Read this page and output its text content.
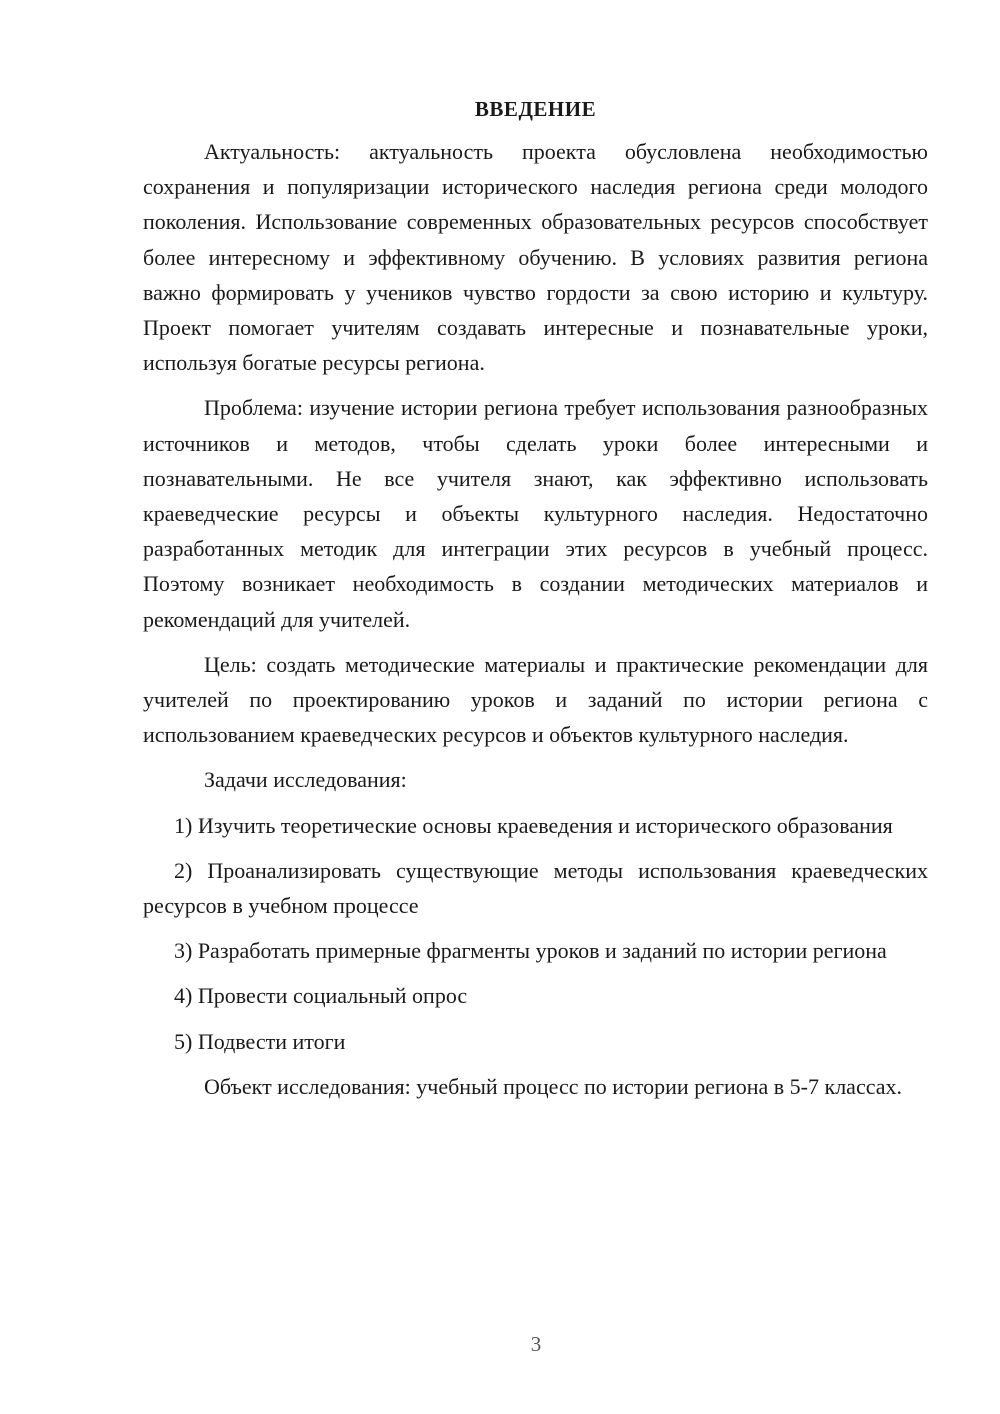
ВВЕДЕНИЕ

Актуальность: актуальность проекта обусловлена необходимостью сохранения и популяризации исторического наследия региона среди молодого поколения. Использование современных образовательных ресурсов способствует более интересному и эффективному обучению. В условиях развития региона важно формировать у учеников чувство гордости за свою историю и культуру. Проект помогает учителям создавать интересные и познавательные уроки, используя богатые ресурсы региона.

Проблема: изучение истории региона требует использования разнообразных источников и методов, чтобы сделать уроки более интересными и познавательными. Не все учителя знают, как эффективно использовать краеведческие ресурсы и объекты культурного наследия. Недостаточно разработанных методик для интеграции этих ресурсов в учебный процесс. Поэтому возникает необходимость в создании методических материалов и рекомендаций для учителей.

Цель: создать методические материалы и практические рекомендации для учителей по проектированию уроков и заданий по истории региона с использованием краеведческих ресурсов и объектов культурного наследия.

Задачи исследования:

1) Изучить теоретические основы краеведения и исторического образования
2) Проанализировать существующие методы использования краеведческих ресурсов в учебном процессе
3) Разработать примерные фрагменты уроков и заданий по истории региона
4) Провести социальный опрос
5) Подвести итоги

Объект исследования: учебный процесс по истории региона в 5-7 классах.

3
